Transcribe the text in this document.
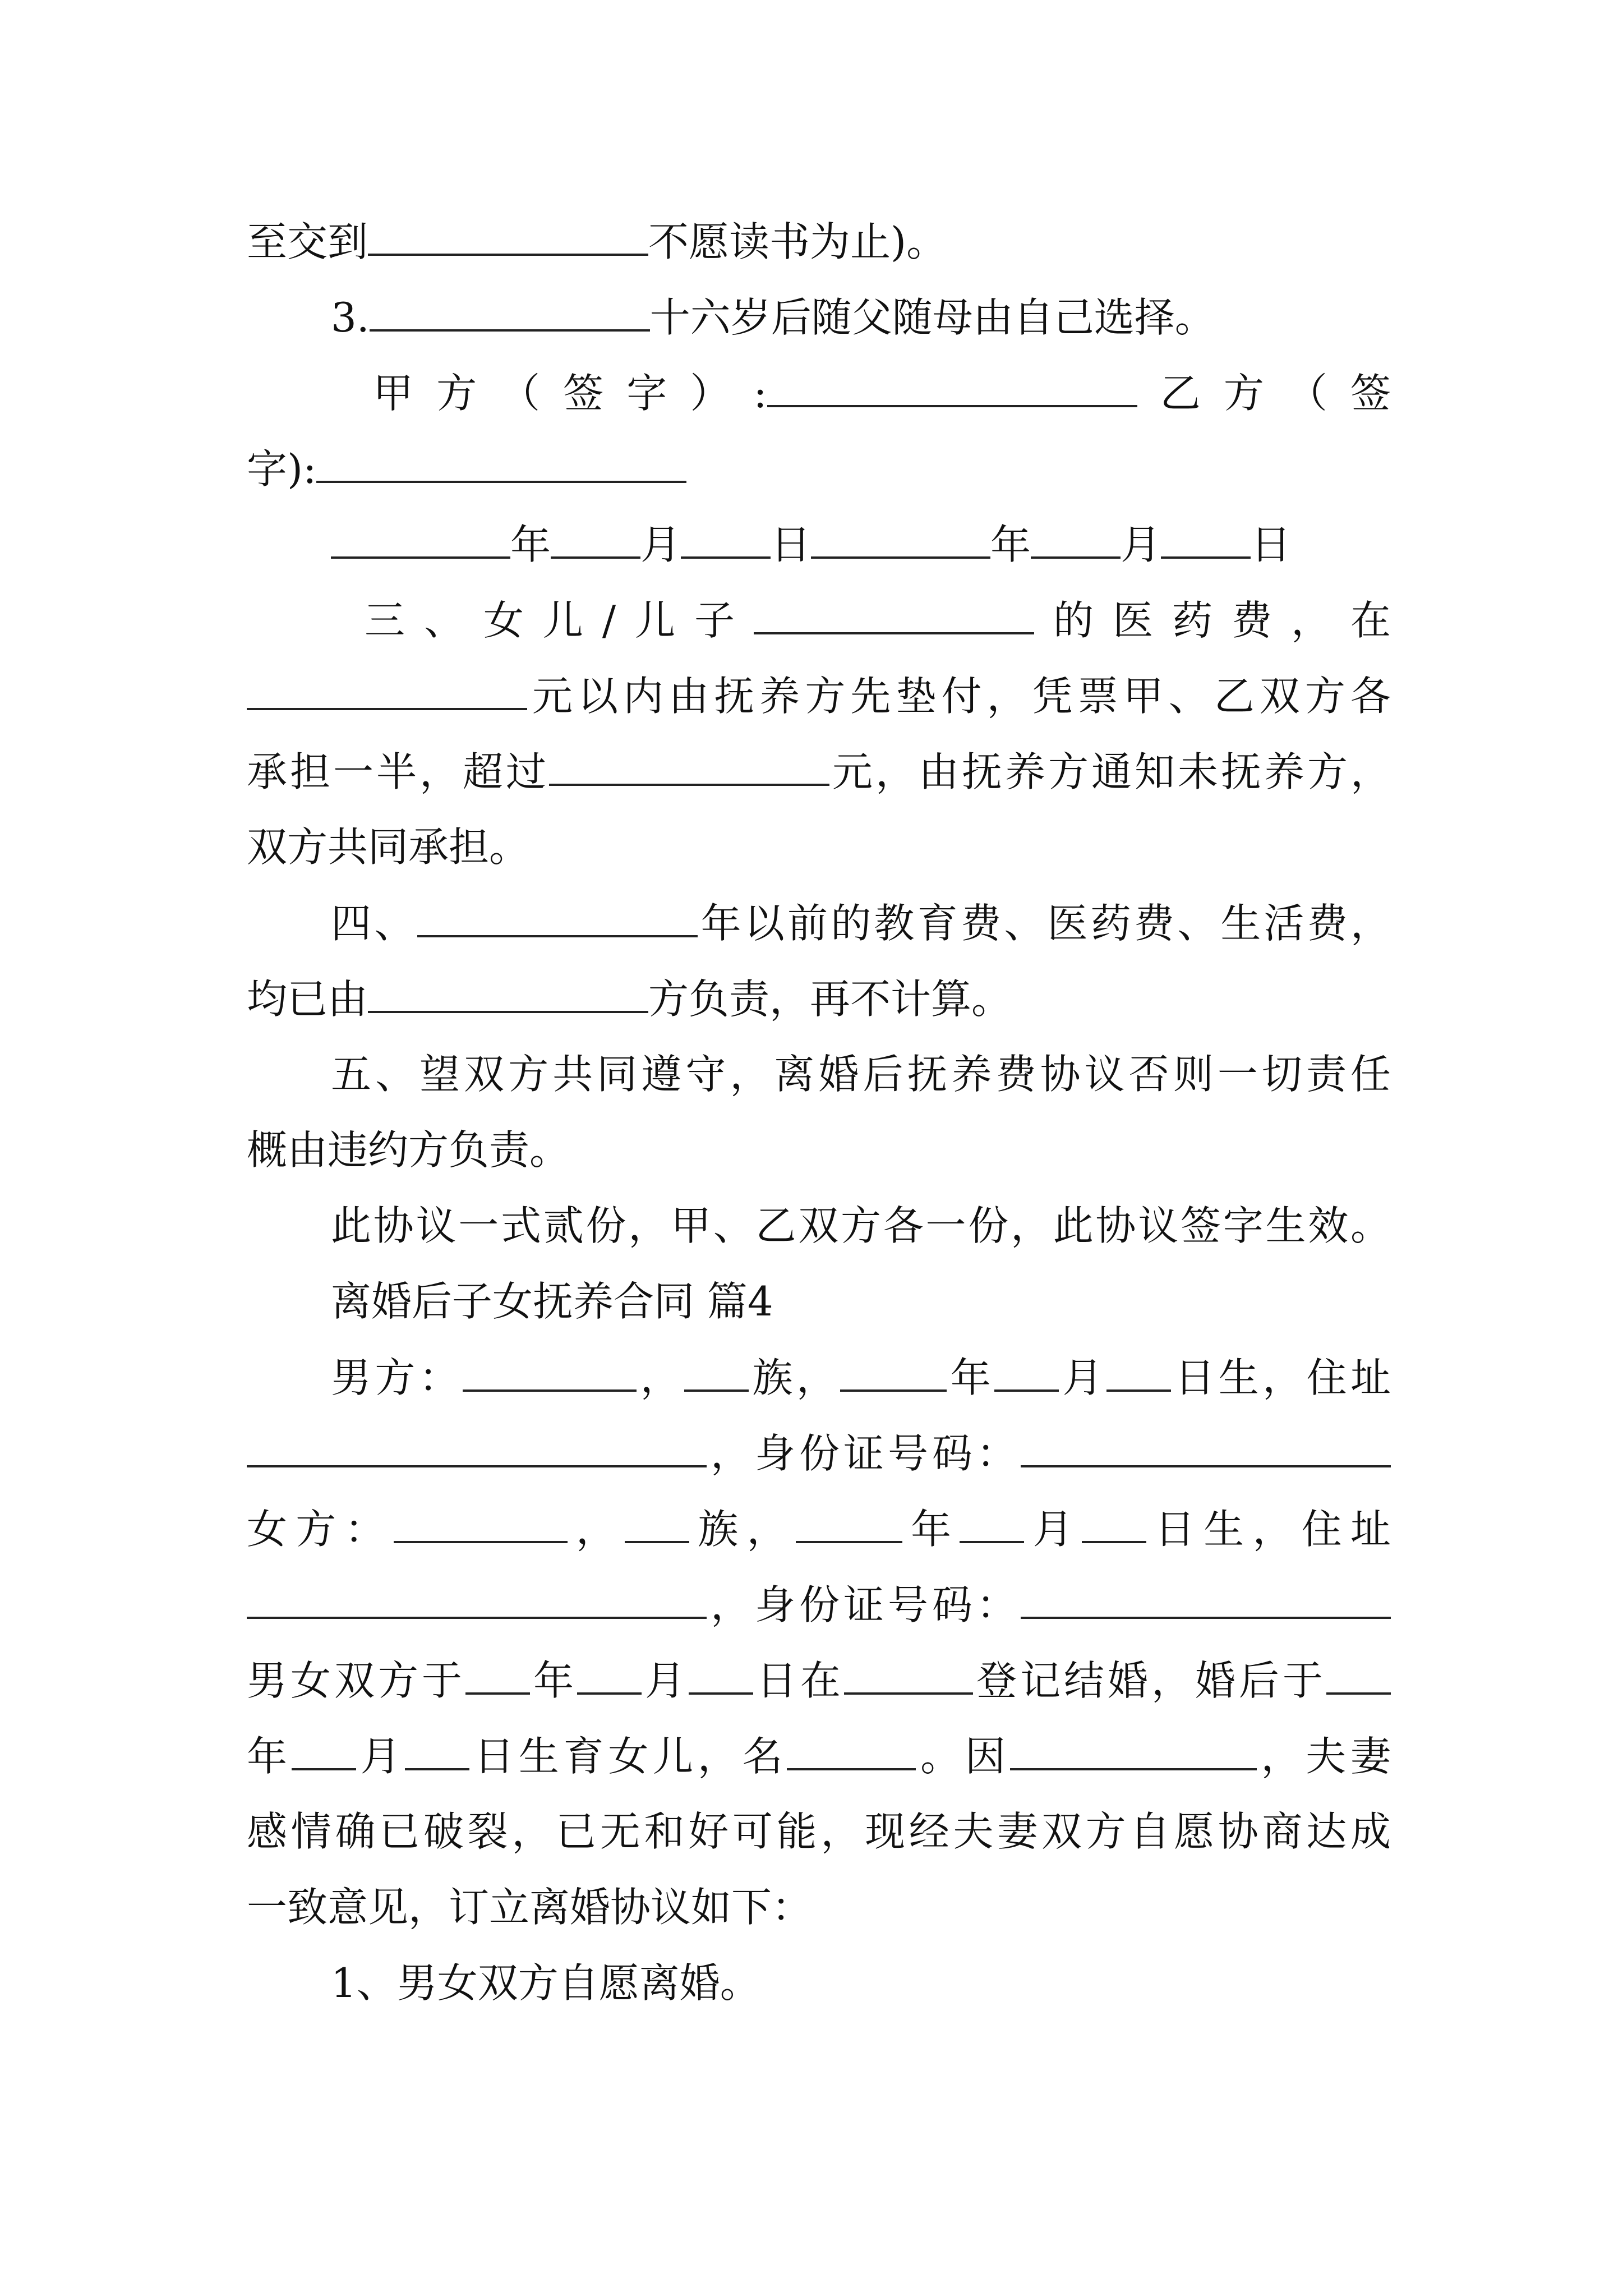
至交到	不愿读书为止)。
3.	十六岁后随父随母由自己选择。
甲方（签字）:	乙方（签
字):
年 月 日	年 月 日
三、女儿/儿子	的医药费，在
元以内由抚养方先垫付，凭票甲、乙双方各
承担一半，超过	元，由抚养方通知未抚养方，
双方共同承担。
四、	年以前的教育费、医药费、生活费，
均已由	方负责，再不计算。
五、望双方共同遵守，离婚后抚养费协议否则一切责任
概由违约方负责。
此协议一式贰份，甲、乙双方各一份，此协议签字生效。
离婚后子女抚养合同 篇4
男方：	， 族，	年 月 日生，住址
，身份证号码：
女方：	， 族，	年 月 日生，住址
，身份证号码：
男女双方于 年 月 日在	登记结婚，婚后于
年 月 日生育女儿，名	。因	，夫妻
感情确已破裂，已无和好可能，现经夫妻双方自愿协商达成
一致意见，订立离婚协议如下：
1、男女双方自愿离婚。
